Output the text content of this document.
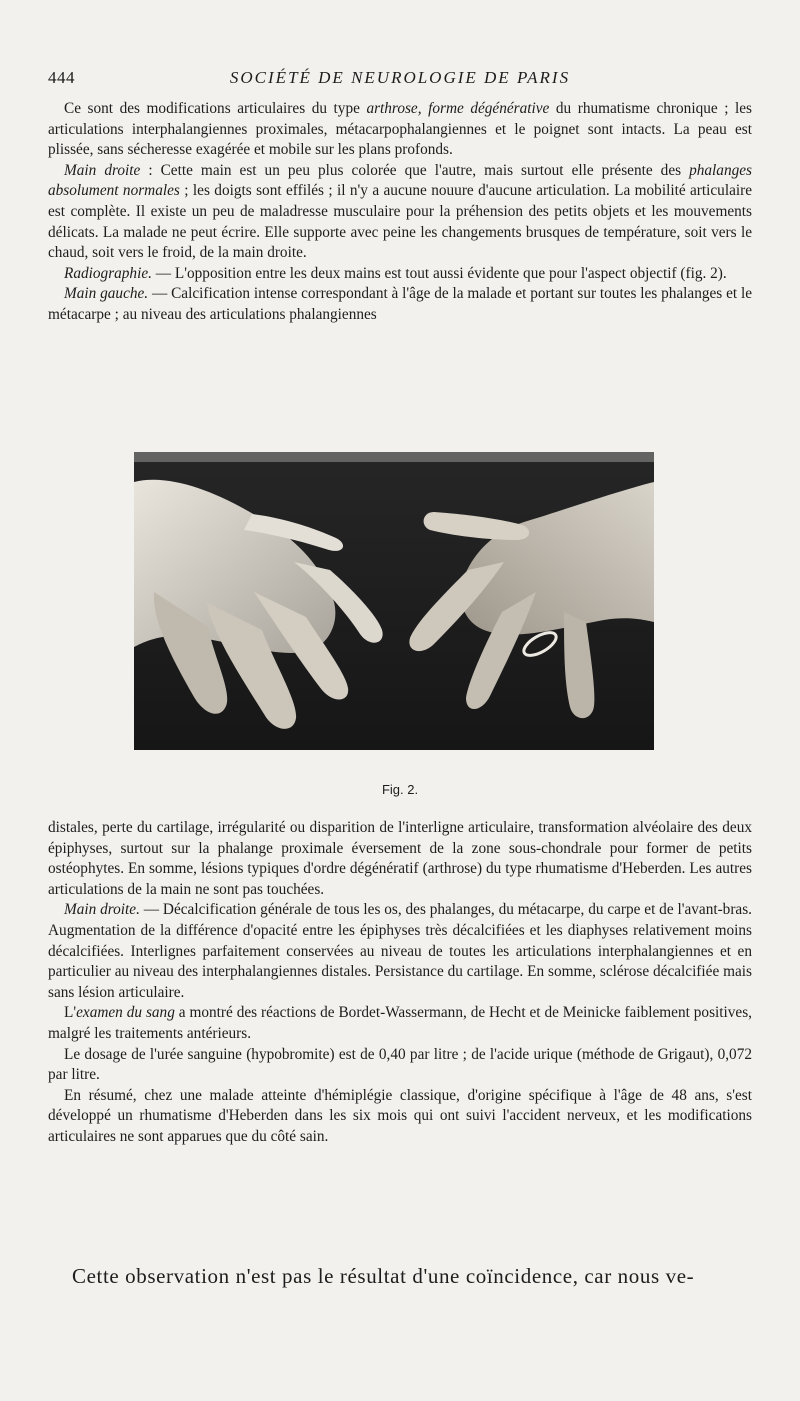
444	SOCIÉTÉ DE NEUROLOGIE DE PARIS

Ce sont des modifications articulaires du type arthrose, forme dégénérative du rhumatisme chronique ; les articulations interphalangiennes proximales, métacarpophalangiennes et le poignet sont intacts. La peau est plissée, sans sécheresse exagérée et mobile sur les plans profonds.

Main droite : Cette main est un peu plus colorée que l'autre, mais surtout elle présente des phalanges absolument normales ; les doigts sont effilés ; il n'y a aucune nouure d'aucune articulation. La mobilité articulaire est complète. Il existe un peu de maladresse musculaire pour la préhension des petits objets et les mouvements délicats. La malade ne peut écrire. Elle supporte avec peine les changements brusques de température, soit vers le chaud, soit vers le froid, de la main droite.

Radiographie. — L'opposition entre les deux mains est tout aussi évidente que pour l'aspect objectif (fig. 2).

Main gauche. — Calcification intense correspondant à l'âge de la malade et portant sur toutes les phalanges et le métacarpe ; au niveau des articulations phalangiennes

Fig. 2.

distales, perte du cartilage, irrégularité ou disparition de l'interligne articulaire, transformation alvéolaire des deux épiphyses, surtout sur la phalange proximale éversement de la zone sous-chondrale pour former de petits ostéophytes. En somme, lésions typiques d'ordre dégénératif (arthrose) du type rhumatisme d'Heberden. Les autres articulations de la main ne sont pas touchées.

Main droite. — Décalcification générale de tous les os, des phalanges, du métacarpe, du carpe et de l'avant-bras. Augmentation de la différence d'opacité entre les épiphyses très décalcifiées et les diaphyses relativement moins décalcifiées. Interlignes parfaitement conservées au niveau de toutes les articulations interphalangiennes et en particulier au niveau des interphalangiennes distales. Persistance du cartilage. En somme, sclérose décalcifiée mais sans lésion articulaire.

L'examen du sang a montré des réactions de Bordet-Wassermann, de Hecht et de Meinicke faiblement positives, malgré les traitements antérieurs.

Le dosage de l'urée sanguine (hypobromite) est de 0,40 par litre ; de l'acide urique (méthode de Grigaut), 0,072 par litre.

En résumé, chez une malade atteinte d'hémiplégie classique, d'origine spécifique à l'âge de 48 ans, s'est développé un rhumatisme d'Heberden dans les six mois qui ont suivi l'accident nerveux, et les modifications articulaires ne sont apparues que du côté sain.

Cette observation n'est pas le résultat d'une coïncidence, car nous ve-
